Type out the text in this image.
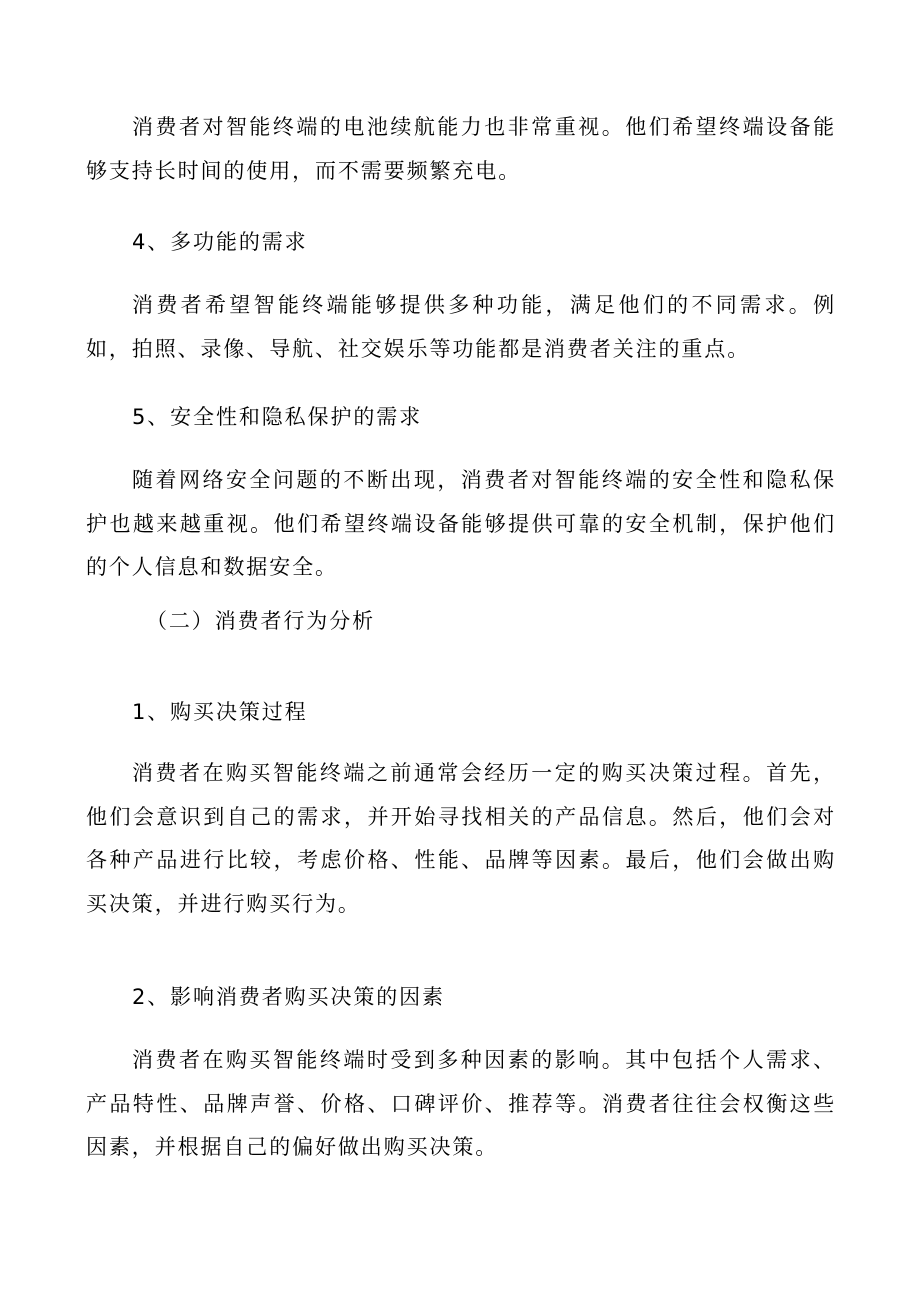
消费者对智能终端的电池续航能力也非常重视。他们希望终端设备能够支持长时间的使用，而不需要频繁充电。

4、多功能的需求

消费者希望智能终端能够提供多种功能，满足他们的不同需求。例如，拍照、录像、导航、社交娱乐等功能都是消费者关注的重点。

5、安全性和隐私保护的需求

随着网络安全问题的不断出现，消费者对智能终端的安全性和隐私保护也越来越重视。他们希望终端设备能够提供可靠的安全机制，保护他们的个人信息和数据安全。

（二）消费者行为分析

1、购买决策过程

消费者在购买智能终端之前通常会经历一定的购买决策过程。首先，他们会意识到自己的需求，并开始寻找相关的产品信息。然后，他们会对各种产品进行比较，考虑价格、性能、品牌等因素。最后，他们会做出购买决策，并进行购买行为。

2、影响消费者购买决策的因素

消费者在购买智能终端时受到多种因素的影响。其中包括个人需求、产品特性、品牌声誉、价格、口碑评价、推荐等。消费者往往会权衡这些因素，并根据自己的偏好做出购买决策。
